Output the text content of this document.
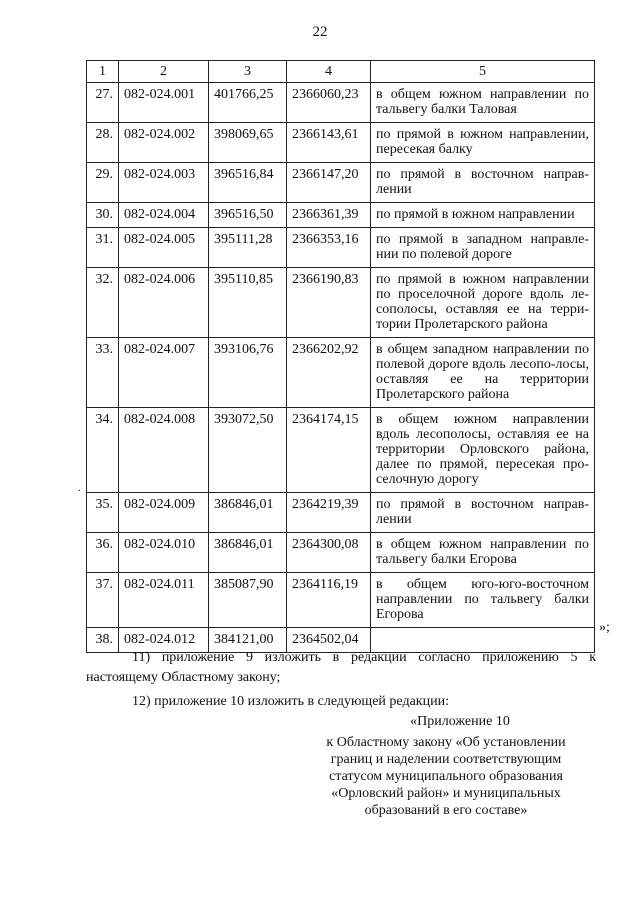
22
1	2	3	4	5
27.	082-024.001	401766,25	2366060,23	в общем южном направлении по тальвегу балки Таловая
28.	082-024.002	398069,65	2366143,61	по прямой в южном направлении, пересекая балку
29.	082-024.003	396516,84	2366147,20	по прямой в восточном направ-лении
30.	082-024.004	396516,50	2366361,39	по прямой в южном направлении
31.	082-024.005	395111,28	2366353,16	по прямой в западном направле-нии по полевой дороге
32.	082-024.006	395110,85	2366190,83	по прямой в южном направлении по проселочной дороге вдоль ле-сополосы, оставляя ее на терри-тории Пролетарского района
33.	082-024.007	393106,76	2366202,92	в общем западном направлении по полевой дороге вдоль лесопо-лосы, оставляя ее на территории Пролетарского района
34.	082-024.008	393072,50	2364174,15	в общем южном направлении вдоль лесополосы, оставляя ее на территории Орловского района, далее по прямой, пересекая про-селочную дорогу
35.	082-024.009	386846,01	2364219,39	по прямой в восточном направ-лении
36.	082-024.010	386846,01	2364300,08	в общем южном направлении по тальвегу балки Егорова
37.	082-024.011	385087,90	2364116,19	в общем юго-юго-восточном направлении по тальвегу балки Егорова
38.	082-024.012	384121,00	2364502,04	
»;
.
11) приложение 9 изложить в редакции согласно приложению 5 к настоящему Областному закону;
12) приложение 10 изложить в следующей редакции:
«Приложение 10
к Областному закону «Об установлении
границ и наделении соответствующим
статусом муниципального образования
«Орловский район» и муниципальных
образований в его составе»
